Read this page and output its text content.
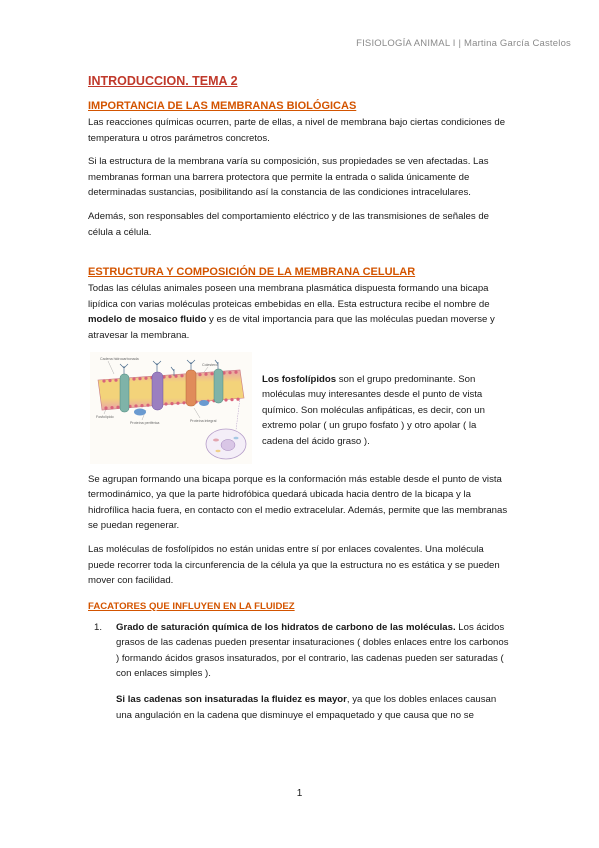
FISIOLOGÍA ANIMAL I | Martina García Castelos
INTRODUCCION. TEMA 2
IMPORTANCIA DE LAS MEMBRANAS BIOLÓGICAS

Las reacciones químicas ocurren, parte de ellas, a nivel de membrana bajo ciertas condiciones de temperatura u otros parámetros concretos.

Si la estructura de la membrana varía su composición, sus propiedades se ven afectadas. Las membranas forman una barrera protectora que permite la entrada o salida únicamente de determinadas sustancias, posibilitando así la constancia de las condiciones intracelulares.

Además, son responsables del comportamiento eléctrico y de las transmisiones de señales de célula a célula.

ESTRUCTURA Y COMPOSICIÓN DE LA MEMBRANA CELULAR

Todas las células animales poseen una membrana plasmática dispuesta formando una bicapa lipídica con varias moléculas proteicas embebidas en ella. Esta estructura recibe el nombre de modelo de mosaico fluido y es de vital importancia para que las moléculas puedan moverse y atravesar la membrana.

Cadena hidrocarbonada
Colesterol
Fosfolípido
Proteína periférica	Proteína integral

Los fosfolípidos son el grupo predominante. Son moléculas muy interesantes desde el punto de vista químico. Son moléculas anfipáticas, es decir, con un extremo polar ( un grupo fosfato ) y otro apolar ( la cadena del ácido graso ).

Se agrupan formando una bicapa porque es la conformación más estable desde el punto de vista termodinámico, ya que la parte hidrofóbica quedará ubicada hacia dentro de la bicapa y la hidrofílica hacia fuera, en contacto con el medio extracelular. Además, permite que las membranas se puedan regenerar.

Las moléculas de fosfolípidos no están unidas entre sí por enlaces covalentes. Una molécula puede recorrer toda la circunferencia de la célula ya que la estructura no es estática y se pueden mover con facilidad.

FACATORES QUE INFLUYEN EN LA FLUIDEZ
1.	Grado de saturación química de los hidratos de carbono de las moléculas. Los ácidos grasos de las cadenas pueden presentar insaturaciones ( dobles enlaces entre los carbonos ) formando ácidos grasos insaturados, por el contrario, las cadenas pueden ser saturadas ( con enlaces simples ).

Si las cadenas son insaturadas la fluidez es mayor, ya que los dobles enlaces causan una angulación en la cadena que disminuye el empaquetado y que causa que no se

1
